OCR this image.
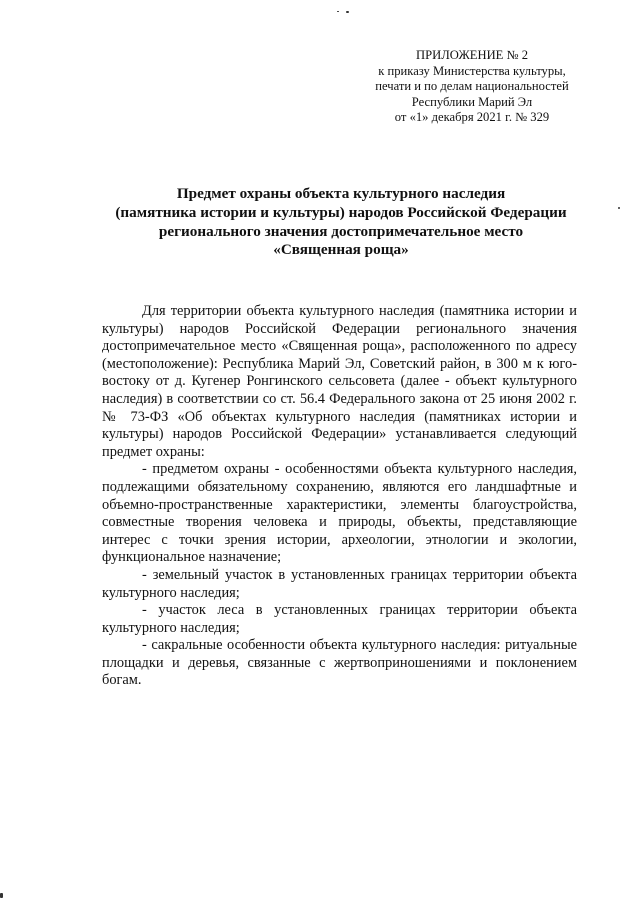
ПРИЛОЖЕНИЕ № 2
к приказу Министерства культуры,
печати и по делам национальностей
Республики Марий Эл
от «1» декабря 2021 г. № 329
Предмет охраны объекта культурного наследия
(памятника истории и культуры) народов Российской Федерации
регионального значения достопримечательное место
«Священная роща»

Для территории объекта культурного наследия (памятника истории и культуры) народов Российской Федерации регионального значения достопримечательное место «Священная роща», расположенного по адресу (местоположение): Республика Марий Эл, Советский район, в 300 м к юго-востоку от д. Кугенер Ронгинского сельсовета (далее - объект культурного наследия) в соответствии со ст. 56.4 Федерального закона от 25 июня 2002 г. № 73-ФЗ «Об объектах культурного наследия (памятниках истории и культуры) народов Российской Федерации» устанавливается следующий предмет охраны:

- предметом охраны - особенностями объекта культурного наследия, подлежащими обязательному сохранению, являются его ландшафтные и объемно-пространственные характеристики, элементы благоустройства, совместные творения человека и природы, объекты, представляющие интерес с точки зрения истории, археологии, этнологии и экологии, функциональное назначение;

- земельный участок в установленных границах территории объекта культурного наследия;

- участок леса в установленных границах территории объекта культурного наследия;

- сакральные особенности объекта культурного наследия: ритуальные площадки и деревья, связанные с жертвоприношениями и поклонением богам.
